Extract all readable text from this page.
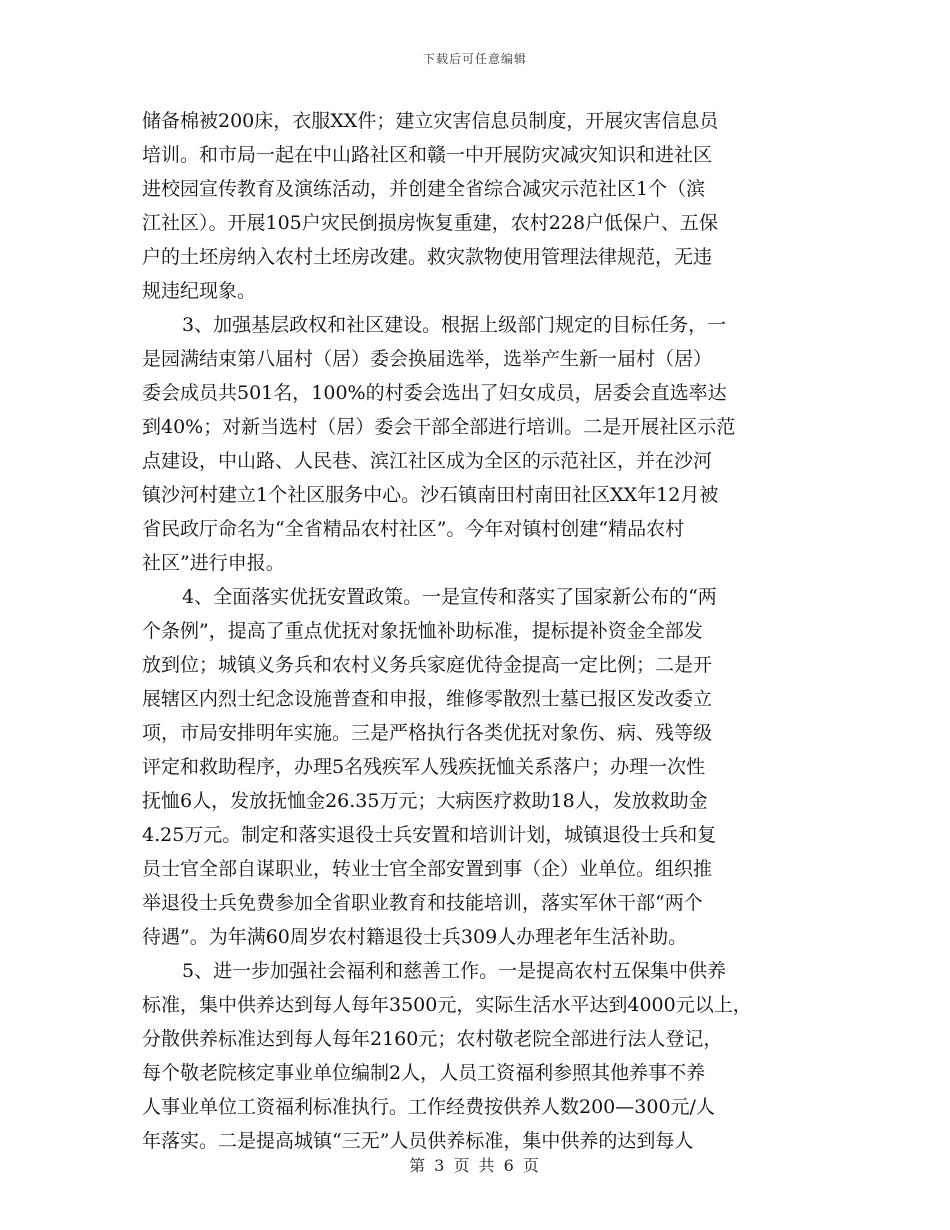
下载后可任意编辑
储备棉被200床，衣服XX件；建立灾害信息员制度，开展灾害信息员
培训。和市局一起在中山路社区和赣一中开展防灾减灾知识和进社区
进校园宣传教育及演练活动，并创建全省综合减灾示范社区1个（滨
江社区）。开展105户灾民倒损房恢复重建，农村228户低保户、五保
户的土坯房纳入农村土坯房改建。救灾款物使用管理法律规范，无违
规违纪现象。
3、加强基层政权和社区建设。根据上级部门规定的目标任务，一
是园满结束第八届村（居）委会换届选举，选举产生新一届村（居）
委会成员共501名，100%的村委会选出了妇女成员，居委会直选率达
到40%；对新当选村（居）委会干部全部进行培训。二是开展社区示范
点建设，中山路、人民巷、滨江社区成为全区的示范社区，并在沙河
镇沙河村建立1个社区服务中心。沙石镇南田村南田社区XX年12月被
省民政厅命名为“全省精品农村社区”。今年对镇村创建“精品农村
社区”进行申报。
4、全面落实优抚安置政策。一是宣传和落实了国家新公布的“两
个条例”，提高了重点优抚对象抚恤补助标准，提标提补资金全部发
放到位；城镇义务兵和农村义务兵家庭优待金提高一定比例；二是开
展辖区内烈士纪念设施普查和申报，维修零散烈士墓已报区发改委立
项，市局安排明年实施。三是严格执行各类优抚对象伤、病、残等级
评定和救助程序，办理5名残疾军人残疾抚恤关系落户；办理一次性
抚恤6人，发放抚恤金26.35万元；大病医疗救助18人，发放救助金
4.25万元。制定和落实退役士兵安置和培训计划，城镇退役士兵和复
员士官全部自谋职业，转业士官全部安置到事（企）业单位。组织推
举退役士兵免费参加全省职业教育和技能培训，落实军休干部“两个
待遇”。为年满60周岁农村籍退役士兵309人办理老年生活补助。
5、进一步加强社会福利和慈善工作。一是提高农村五保集中供养
标准，集中供养达到每人每年3500元，实际生活水平达到4000元以上，
分散供养标准达到每人每年2160元；农村敬老院全部进行法人登记，
每个敬老院核定事业单位编制2人，人员工资福利参照其他养事不养
人事业单位工资福利标准执行。工作经费按供养人数200—300元/人
年落实。二是提高城镇“三无”人员供养标准，集中供养的达到每人
第 3 页 共 6 页
